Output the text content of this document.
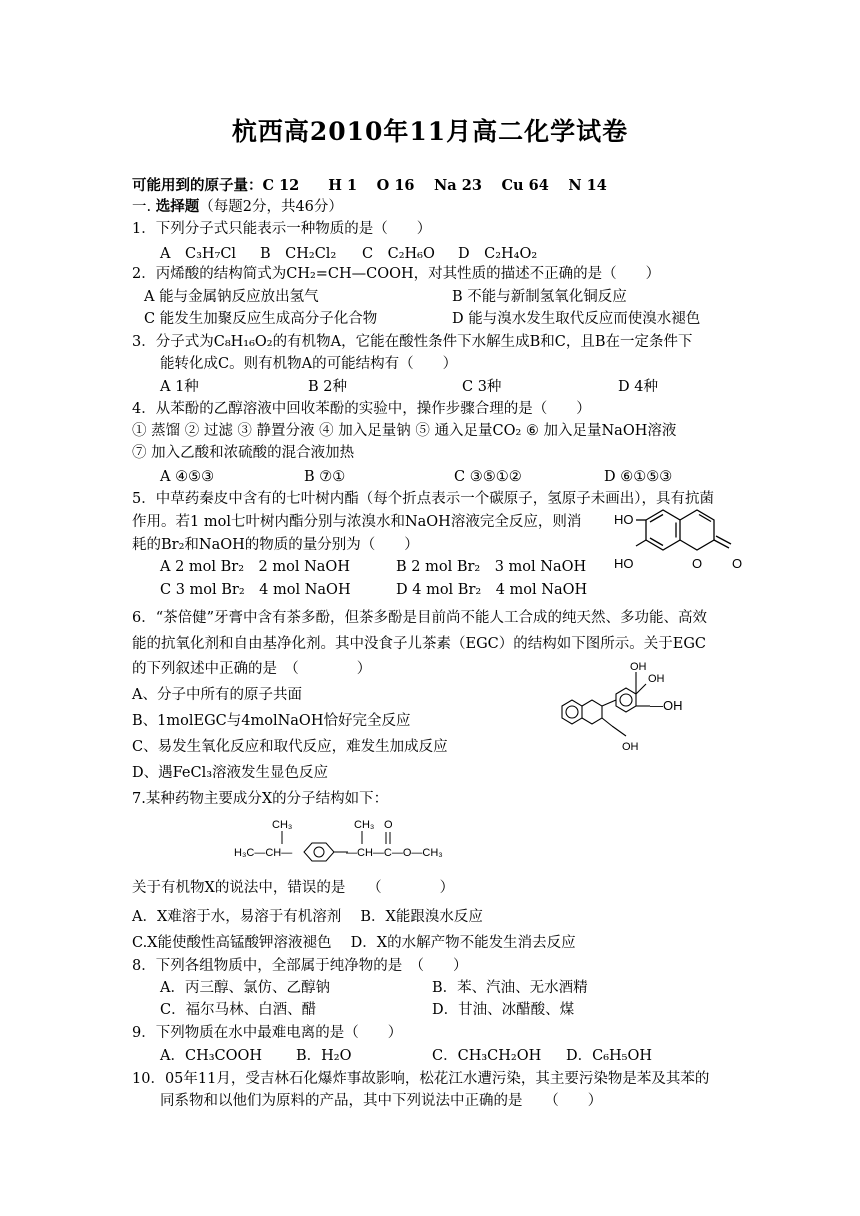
杭西高2010年11月高二化学试卷
可能用到的原子量：C 12　　H 1　 O 16　 Na 23　 Cu 64　 N 14
一. 选择题（每题2分，共46分）
1．下列分子式只能表示一种物质的是（　　）
A　C₃H₇Cl B　CH₂Cl₂ C　C₂H₆O D　C₂H₄O₂
2．丙烯酸的结构简式为CH₂=CH—COOH，对其性质的描述不正确的是（　　）
A 能与金属钠反应放出氢气	B 不能与新制氢氧化铜反应
C 能发生加聚反应生成高分子化合物	D 能与溴水发生取代反应而使溴水褪色
3．分子式为C₈H₁₆O₂的有机物A，它能在酸性条件下水解生成B和C，且B在一定条件下
能转化成C。则有机物A的可能结构有（　　）
A 1种	B 2种	C 3种	D 4种
4．从苯酚的乙醇溶液中回收苯酚的实验中，操作步骤合理的是（　　）
① 蒸馏 ② 过滤 ③ 静置分液 ④ 加入足量钠 ⑤ 通入足量CO₂ ⑥ 加入足量NaOH溶液
⑦ 加入乙酸和浓硫酸的混合液加热
A ④⑤③	B ⑦①	C ③⑤①②	D ⑥①⑤③
5．中草药秦皮中含有的七叶树内酯（每个折点表示一个碳原子，氢原子未画出），具有抗菌
作用。若1 mol七叶树内酯分别与浓溴水和NaOH溶液完全反应，则消
耗的Br₂和NaOH的物质的量分别为（　　）
A 2 mol Br₂　2 mol NaOH	B 2 mol Br₂　3 mol NaOH
C 3 mol Br₂　4 mol NaOH	D 4 mol Br₂　4 mol NaOH
HO
HO	O O
6．“茶倍健”牙膏中含有茶多酚，但茶多酚是目前尚不能人工合成的纯天然、多功能、高效
能的抗氧化剂和自由基净化剂。其中没食子儿茶素（EGC）的结构如下图所示。关于EGC
的下列叙述中正确的是　（　　　　）
A、分子中所有的原子共面
B、1molEGC与4molNaOH恰好完全反应
C、易发生氧化反应和取代反应，难发生加成反应
D、遇FeCl₃溶液发生显色反应
OH
OH
—OH
OH
7.某种药物主要成分X的分子结构如下：
CH₃
H₃C—CH—
CH₃
—CH—C—O—CH₃
O
关于有机物X的说法中，错误的是　　（　　　　）
A．X难溶于水，易溶于有机溶剂　 B．X能跟溴水反应
C.X能使酸性高锰酸钾溶液褪色　 D．X的水解产物不能发生消去反应
8．下列各组物质中，全部属于纯净物的是　（　　）
A．丙三醇、氯仿、乙醇钠	B．苯、汽油、无水酒精
C．福尔马林、白酒、醋	D．甘油、冰醋酸、煤
9．下列物质在水中最难电离的是（　　）
A．CH₃COOH B．H₂O	C．CH₃CH₂OH D．C₆H₅OH
10．05年11月，受吉林石化爆炸事故影响，松花江水遭污染，其主要污染物是苯及其苯的
同系物和以他们为原料的产品，其中下列说法中正确的是　　（　　）
